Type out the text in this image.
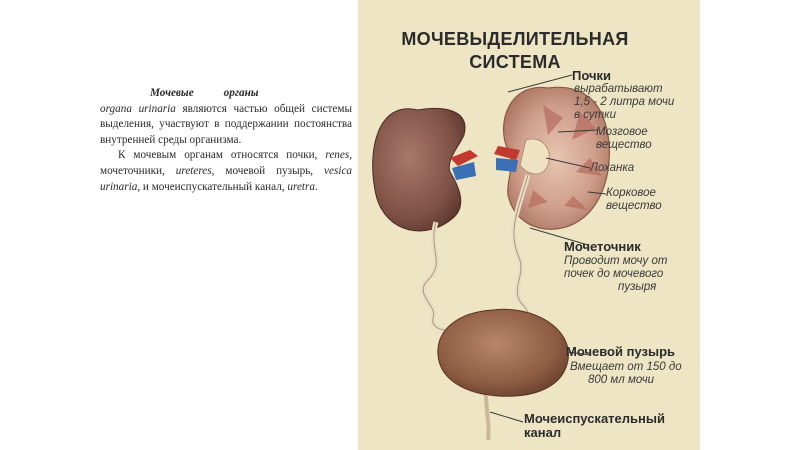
Мочевые	органы

organa urinaria являются частью общей системы выделения, участвуют в поддержании постоянства внутренней среды организма.

К мочевым органам относятся почки, renes, мочеточники, ureteres, мочевой пузырь, vesica urinaria, и мочеиспускательный канал, uretra.

МОЧЕВЫДЕЛИТЕЛЬНАЯ
СИСТЕМА
Почки
вырабатывают
1,5 - 2 литра мочи
в сутки
Мозговое
вещество
Лоханка
Корковое
вещество
Мочеточник
Проводит мочу от
почек до мочевого
пузыря
Мочевой пузырь
Вмещает от 150 до
800 мл мочи
Мочеиспускательный
канал
